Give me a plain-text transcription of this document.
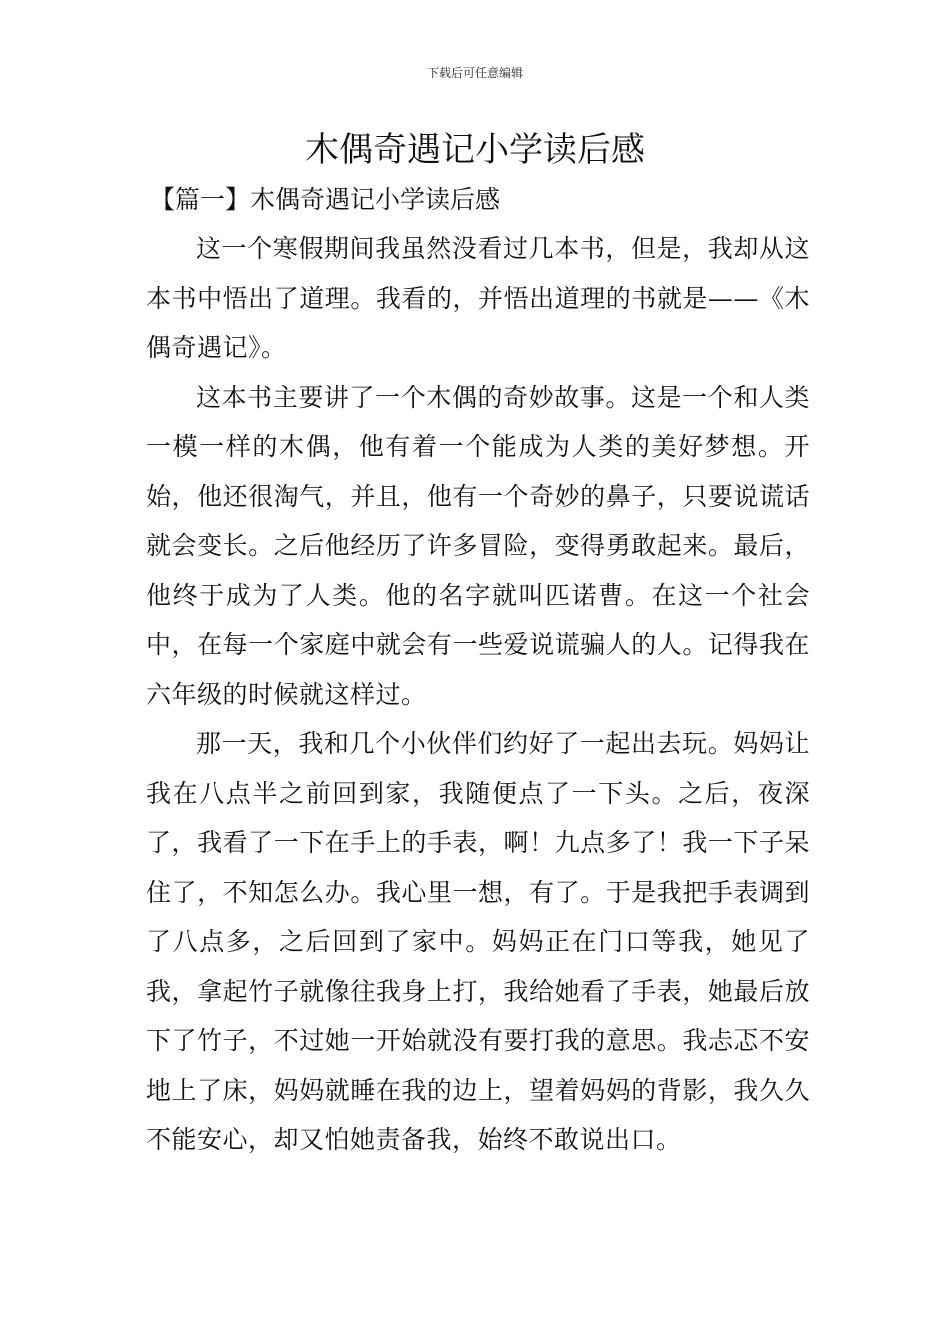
下载后可任意编辑
木偶奇遇记小学读后感
【篇一】木偶奇遇记小学读后感

这一个寒假期间我虽然没看过几本书，但是，我却从这本书中悟出了道理。我看的，并悟出道理的书就是——《木偶奇遇记》。

这本书主要讲了一个木偶的奇妙故事。这是一个和人类一模一样的木偶，他有着一个能成为人类的美好梦想。开始，他还很淘气，并且，他有一个奇妙的鼻子，只要说谎话就会变长。之后他经历了许多冒险，变得勇敢起来。最后，他终于成为了人类。他的名字就叫匹诺曹。在这一个社会中，在每一个家庭中就会有一些爱说谎骗人的人。记得我在六年级的时候就这样过。

那一天，我和几个小伙伴们约好了一起出去玩。妈妈让我在八点半之前回到家，我随便点了一下头。之后，夜深了，我看了一下在手上的手表，啊！九点多了！我一下子呆住了，不知怎么办。我心里一想，有了。于是我把手表调到了八点多，之后回到了家中。妈妈正在门口等我，她见了我，拿起竹子就像往我身上打，我给她看了手表，她最后放下了竹子，不过她一开始就没有要打我的意思。我忐忑不安地上了床，妈妈就睡在我的边上，望着妈妈的背影，我久久不能安心，却又怕她责备我，始终不敢说出口。
